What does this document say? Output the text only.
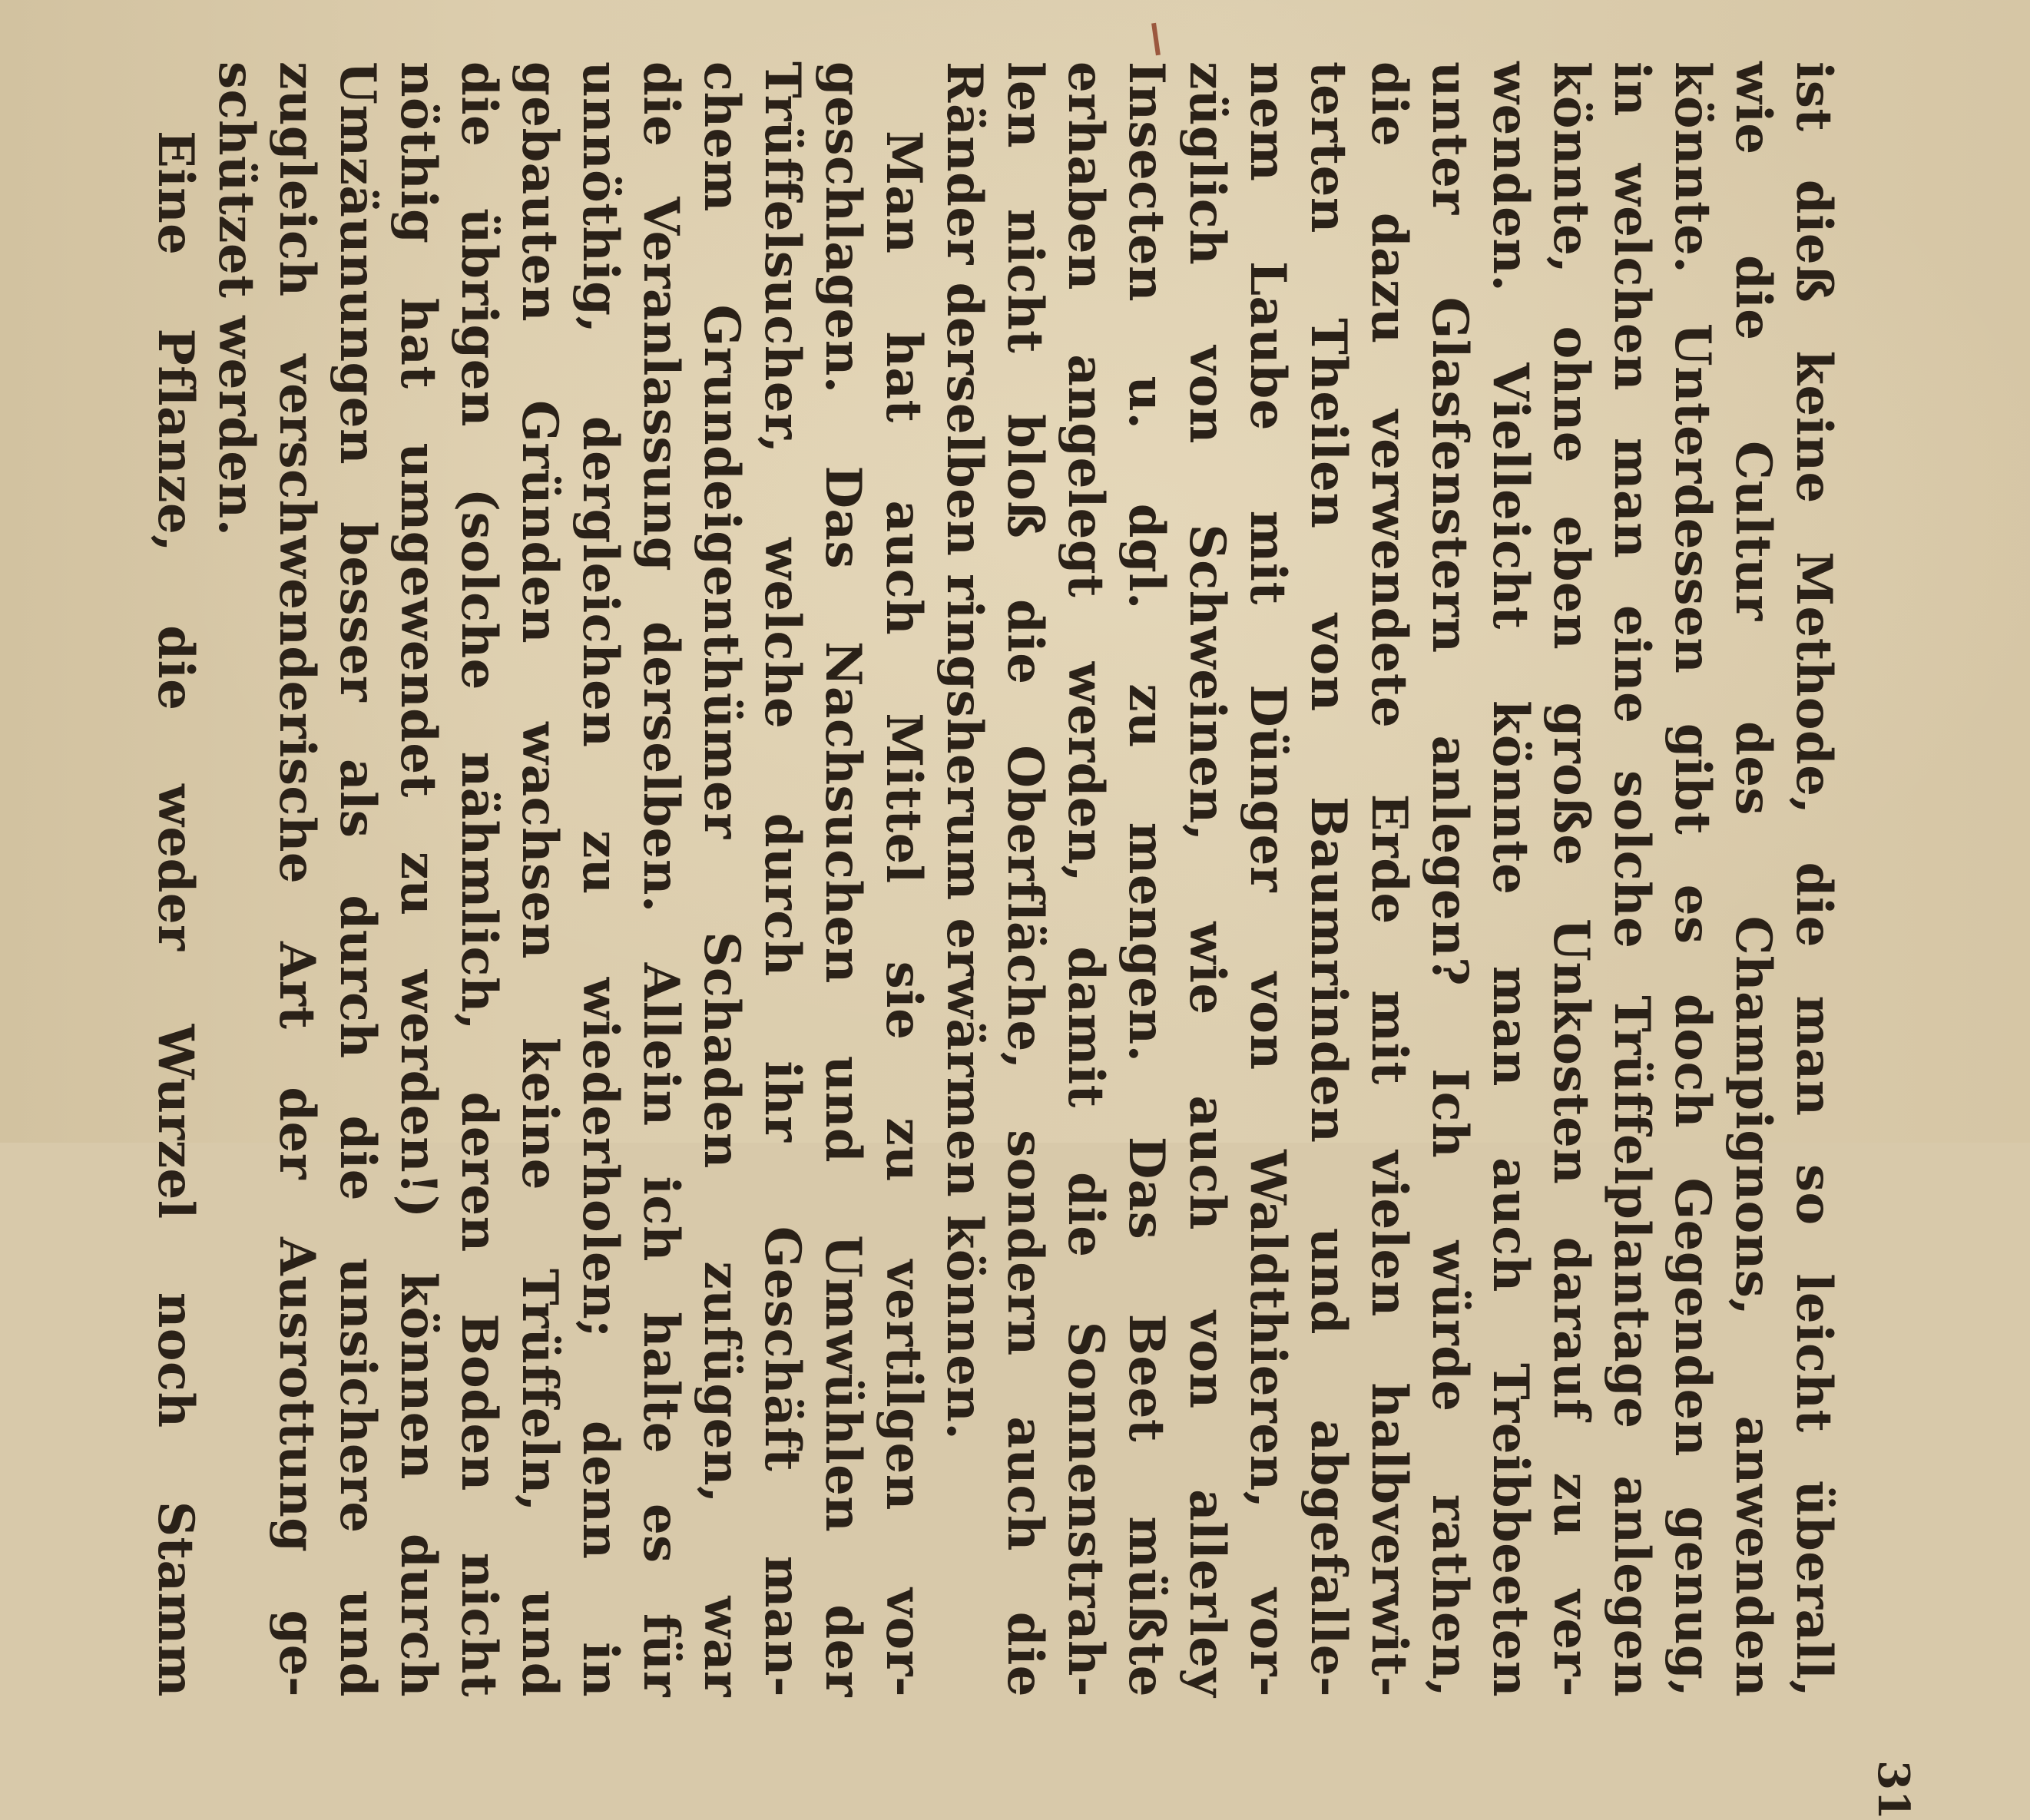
31
ist dieß keine Methode, die man so leicht überall,
wie die Cultur des Champignons, anwenden
könnte. Unterdessen gibt es doch Gegenden genug,
in welchen man eine solche Trüffelplantage anlegen
könnte, ohne eben große Unkosten darauf zu ver-
wenden. Vielleicht könnte man auch Treibbeeten
unter Glasfenstern anlegen? Ich würde rathen,
die dazu verwendete Erde mit vielen halbverwit-
terten Theilen von Baumrinden und abgefalle-
nem Laube mit Dünger von Waldthieren, vor-
züglich von Schweinen, wie auch von allerley
Insecten u. dgl. zu mengen. Das Beet müßte
erhaben angelegt werden, damit die Sonnenstrah-
len nicht bloß die Oberfläche, sondern auch die
Ränder derselben ringsherum erwärmen können.
Man hat auch Mittel sie zu vertilgen vor-
geschlagen. Das Nachsuchen und Umwühlen der
Trüffelsucher, welche durch ihr Geschäft man-
chem Grundeigenthümer Schaden zufügen, war
die Veranlassung derselben. Allein ich halte es für
unnöthig, dergleichen zu wiederholen; denn in
gebauten Gründen wachsen keine Trüffeln, und
die übrigen (solche nähmlich, deren Boden nicht
nöthig hat umgewendet zu werden!) können durch
Umzäunungen besser als durch die unsichere und
zugleich verschwenderische Art der Ausrottung ge-
schützet werden.
Eine Pflanze, die weder Wurzel noch Stamm
